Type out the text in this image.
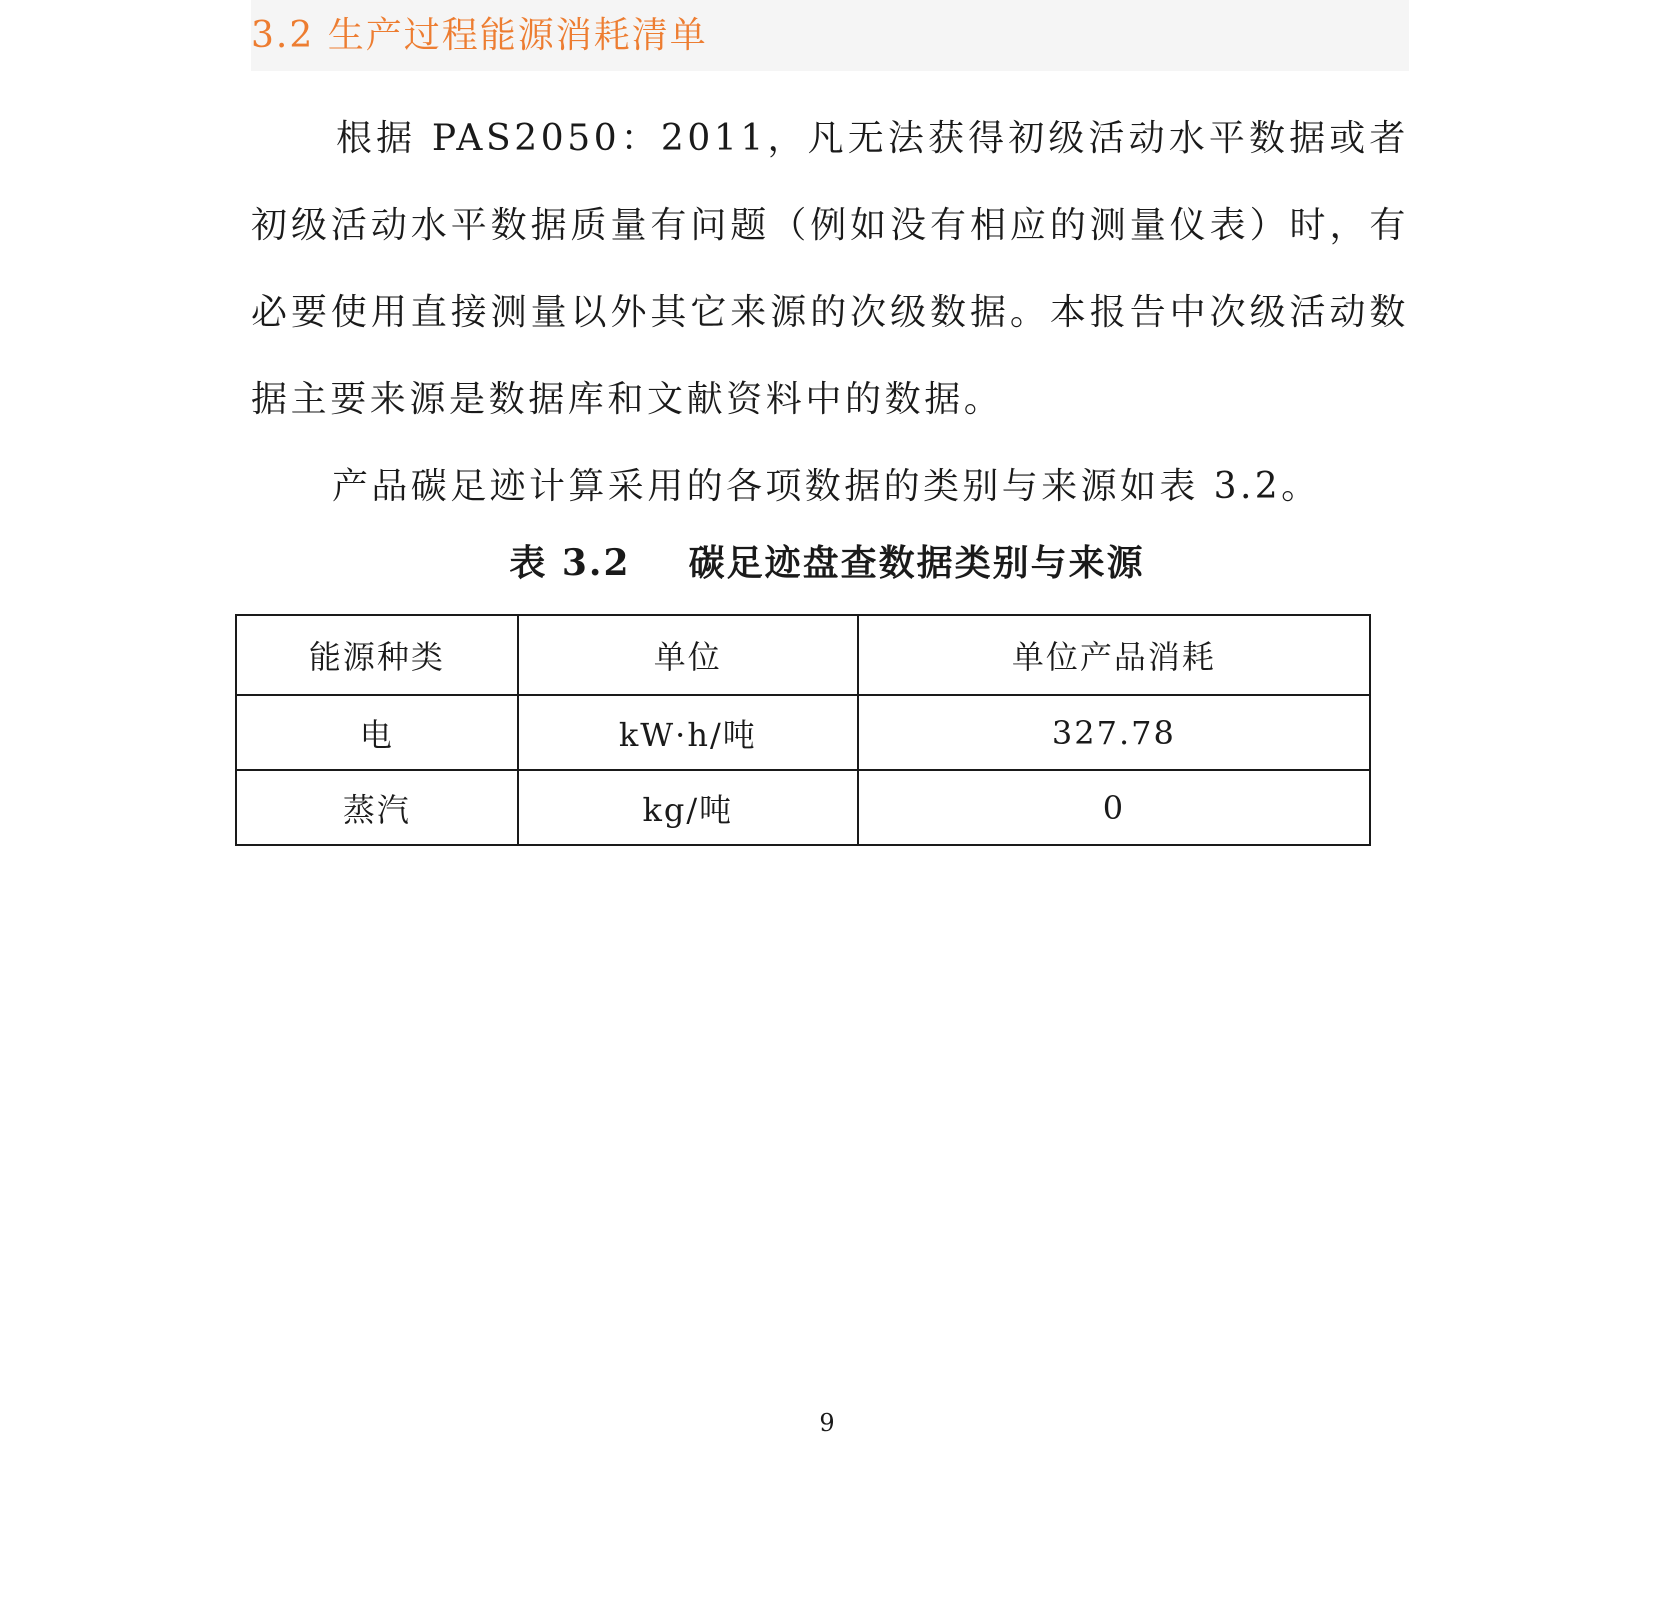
3.2 生产过程能源消耗清单

根据 PAS2050：2011，凡无法获得初级活动水平数据或者初级活动水平数据质量有问题（例如没有相应的测量仪表）时，有必要使用直接测量以外其它来源的次级数据。本报告中次级活动数据主要来源是数据库和文献资料中的数据。

产品碳足迹计算采用的各项数据的类别与来源如表 3.2。

表 3.2    碳足迹盘查数据类别与来源
能源种类	单位	单位产品消耗
电	kW·h/吨	327.78
蒸汽	kg/吨	0
9
